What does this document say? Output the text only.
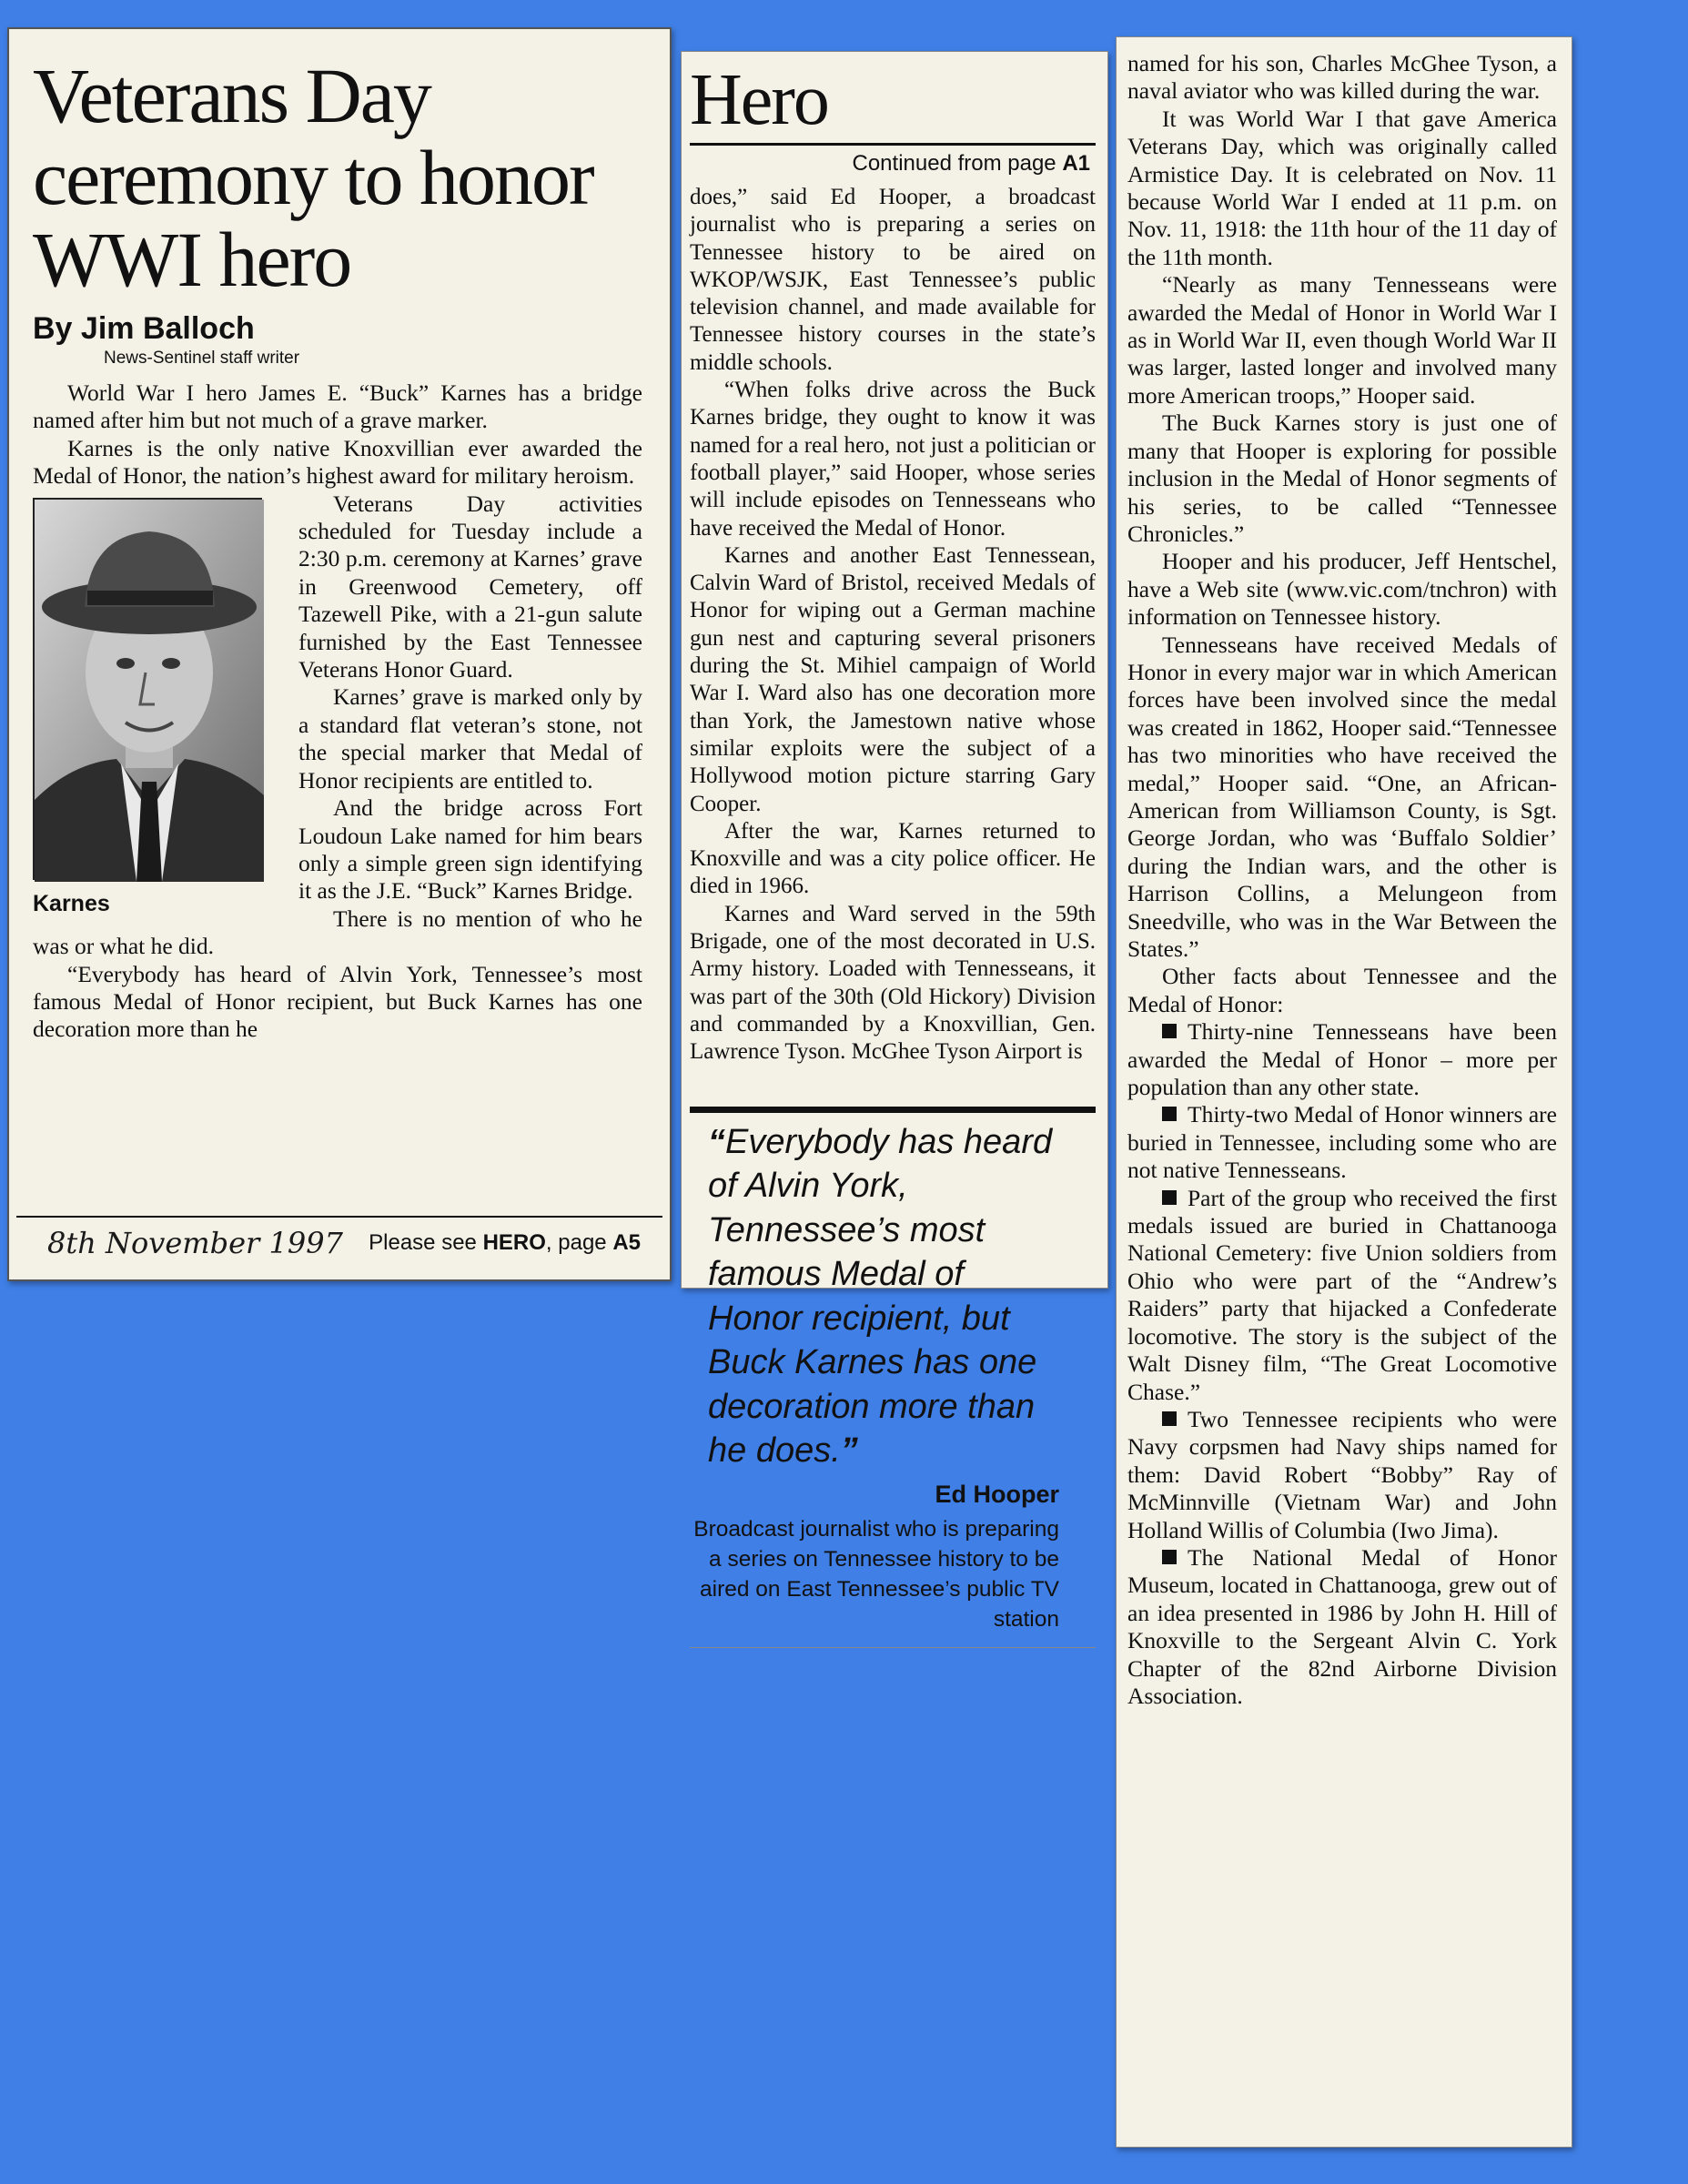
Veterans Day ceremony to honor WWI hero
By Jim Balloch
News-Sentinel staff writer

World War I hero James E. “Buck” Karnes has a bridge named after him but not much of a grave marker.

Karnes is the only native Knoxvillian ever awarded the Medal of Honor, the nation’s highest award for military heroism.

Karnes

Veterans Day activities scheduled for Tuesday include a 2:30 p.m. ceremony at Karnes’ grave in Greenwood Cemetery, off Tazewell Pike, with a 21-gun salute furnished by the East Tennessee Veterans Honor Guard.

Karnes’ grave is marked only by a standard flat veteran’s stone, not the special marker that Medal of Honor recipients are entitled to.

And the bridge across Fort Loudoun Lake named for him bears only a simple green sign identifying it as the J.E. “Buck” Karnes Bridge.

There is no mention of who he was or what he did.

“Everybody has heard of Alvin York, Tennessee’s most famous Medal of Honor recipient, but Buck Karnes has one decoration more than he

8th November 1997 Please see HERO, page A5
Hero
Continued from page A1

does,” said Ed Hooper, a broadcast journalist who is preparing a series on Tennessee history to be aired on WKOP/WSJK, East Tennessee’s public television channel, and made available for Tennessee history courses in the state’s middle schools.

“When folks drive across the Buck Karnes bridge, they ought to know it was named for a real hero, not just a politician or football player,” said Hooper, whose series will include episodes on Tennesseans who have received the Medal of Honor.

Karnes and another East Tennessean, Calvin Ward of Bristol, received Medals of Honor for wiping out a German machine gun nest and capturing several prisoners during the St. Mihiel campaign of World War I. Ward also has one decoration more than York, the Jamestown native whose similar exploits were the subject of a Hollywood motion picture starring Gary Cooper.

After the war, Karnes returned to Knoxville and was a city police officer. He died in 1966.

Karnes and Ward served in the 59th Brigade, one of the most decorated in U.S. Army history. Loaded with Tennesseans, it was part of the 30th (Old Hickory) Division and commanded by a Knoxvillian, Gen. Lawrence Tyson. McGhee Tyson Airport is

“Everybody has heard of Alvin York, Tennessee’s most famous Medal of Honor recipient, but Buck Karnes has one decoration more than he does.”
Ed Hooper
Broadcast journalist who is preparing a series on Tennessee history to be aired on East Tennessee’s public TV station

named for his son, Charles McGhee Tyson, a naval aviator who was killed during the war.

It was World War I that gave America Veterans Day, which was originally called Armistice Day. It is celebrated on Nov. 11 because World War I ended at 11 p.m. on Nov. 11, 1918: the 11th hour of the 11 day of the 11th month.

“Nearly as many Tennesseans were awarded the Medal of Honor in World War I as in World War II, even though World War II was larger, lasted longer and involved many more American troops,” Hooper said.

The Buck Karnes story is just one of many that Hooper is exploring for possible inclusion in the Medal of Honor segments of his series, to be called “Tennessee Chronicles.”

Hooper and his producer, Jeff Hentschel, have a Web site (www.vic.com/tnchron) with information on Tennessee history.

Tennesseans have received Medals of Honor in every major war in which American forces have been involved since the medal was created in 1862, Hooper said.“Tennessee has two minorities who have received the medal,” Hooper said. “One, an African-American from Williamson County, is Sgt. George Jordan, who was ‘Buffalo Soldier’ during the Indian wars, and the other is Harrison Collins, a Melungeon from Sneedville, who was in the War Between the States.”

Other facts about Tennessee and the Medal of Honor:

Thirty-nine Tennesseans have been awarded the Medal of Honor – more per population than any other state.

Thirty-two Medal of Honor winners are buried in Tennessee, including some who are not native Tennesseans.

Part of the group who received the first medals issued are buried in Chattanooga National Cemetery: five Union soldiers from Ohio who were part of the “Andrew’s Raiders” party that hijacked a Confederate locomotive. The story is the subject of the Walt Disney film, “The Great Locomotive Chase.”

Two Tennessee recipients who were Navy corpsmen had Navy ships named for them: David Robert “Bobby” Ray of McMinnville (Vietnam War) and John Holland Willis of Columbia (Iwo Jima).

The National Medal of Honor Museum, located in Chattanooga, grew out of an idea presented in 1986 by John H. Hill of Knoxville to the Sergeant Alvin C. York Chapter of the 82nd Airborne Division Association.
